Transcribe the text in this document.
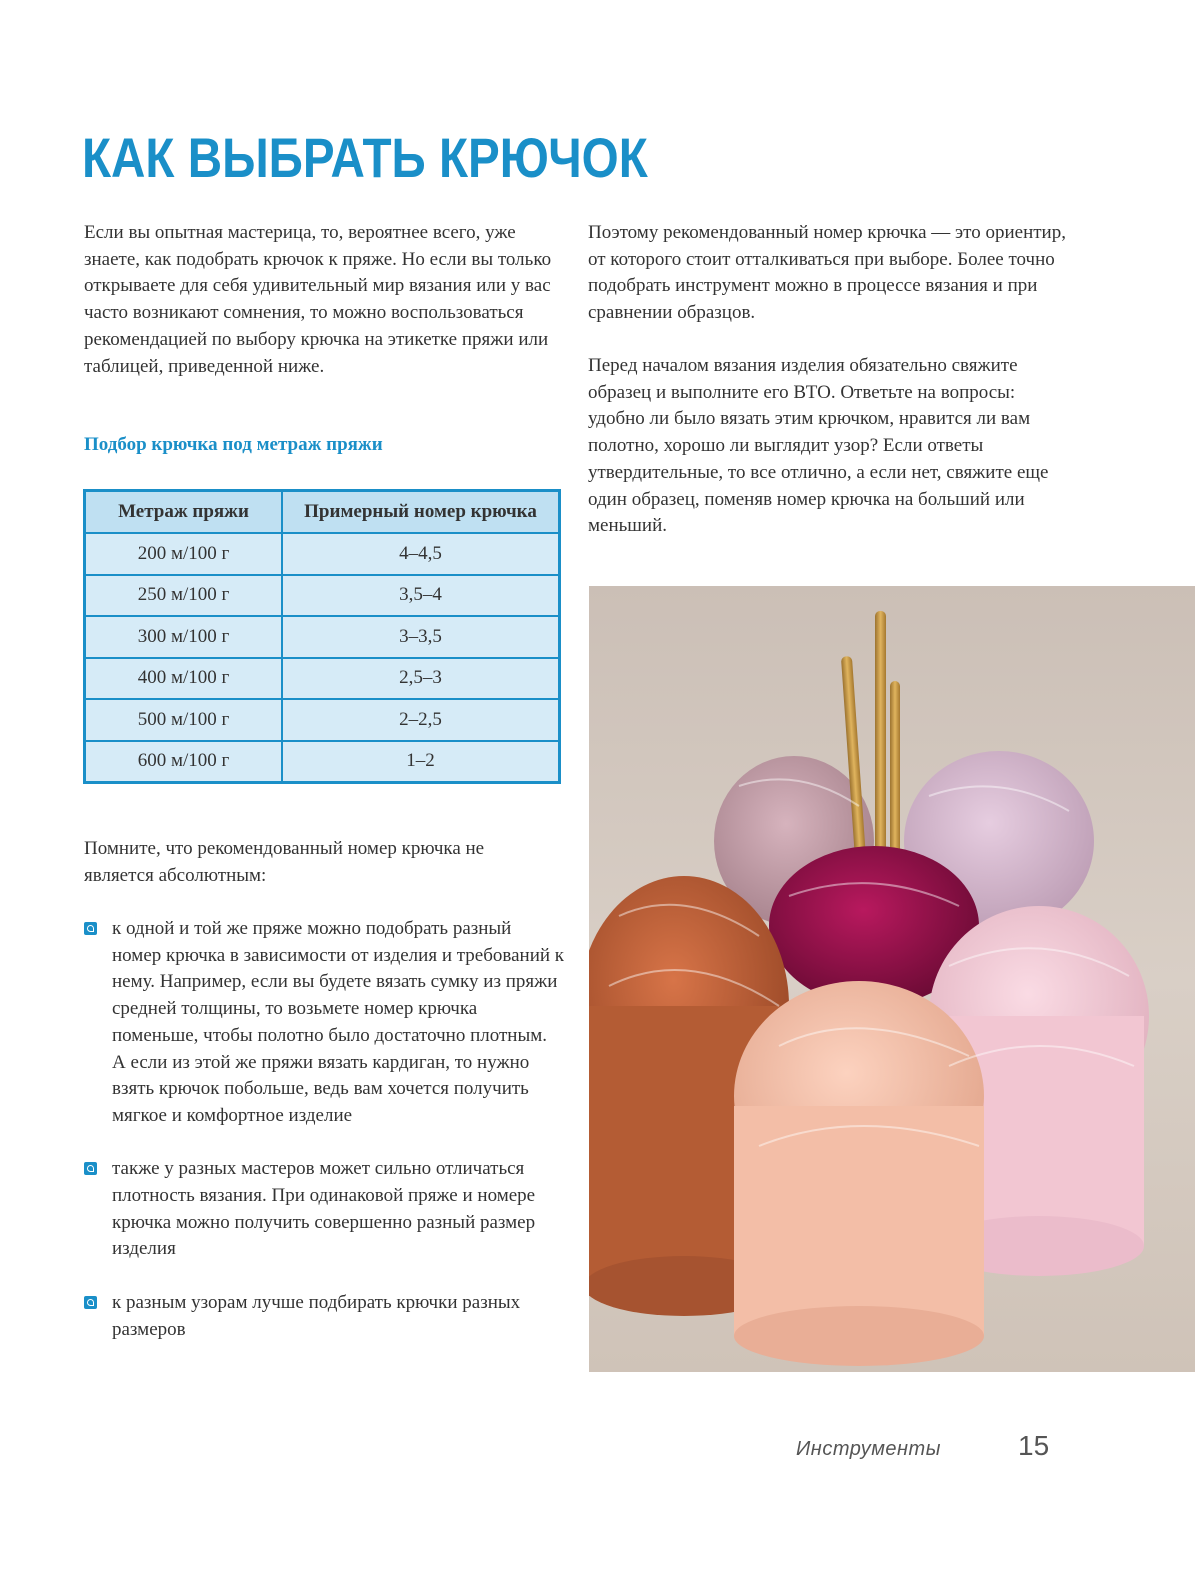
КАК ВЫБРАТЬ КРЮЧОК

Если вы опытная мастерица, то, вероятнее всего, уже знаете, как подобрать крючок к пряже. Но если вы только открываете для себя удивительный мир вязания или у вас часто возникают сомнения, то можно воспользоваться рекомендацией по выбору крючка на этикетке пряжи или таблицей, приведенной ниже.

Подбор крючка под метраж пряжи
Метраж пряжи	Примерный номер крючка
200 м/100 г	4–4,5
250 м/100 г	3,5–4
300 м/100 г	3–3,5
400 м/100 г	2,5–3
500 м/100 г	2–2,5
600 м/100 г	1–2

Помните, что рекомендованный номер крючка не является абсолютным:

к одной и той же пряже можно подобрать разный номер крючка в зависимости от изделия и требований к нему. Например, если вы будете вязать сумку из пряжи средней толщины, то возьмете номер крючка поменьше, чтобы полотно было достаточно плотным. А если из этой же пряжи вязать кардиган, то нужно взять крючок побольше, ведь вам хочется получить мягкое и комфортное изделие
также у разных мастеров может сильно отличаться плотность вязания. При одинаковой пряже и номере крючка можно получить совершенно разный размер изделия
к разным узорам лучше подбирать крючки разных размеров

Поэтому рекомендованный номер крючка — это ориентир, от которого стоит отталкиваться при выборе. Более точно подобрать инструмент можно в процессе вязания и при сравнении образцов.

Перед началом вязания изделия обязательно свяжите образец и выполните его ВТО. Ответьте на вопросы: удобно ли было вязать этим крючком, нравится ли вам полотно, хорошо ли выглядит узор? Если ответы утвердительные, то все отлично, а если нет, свяжите еще один образец, поменяв номер крючка на больший или меньший.

Инструменты	15
